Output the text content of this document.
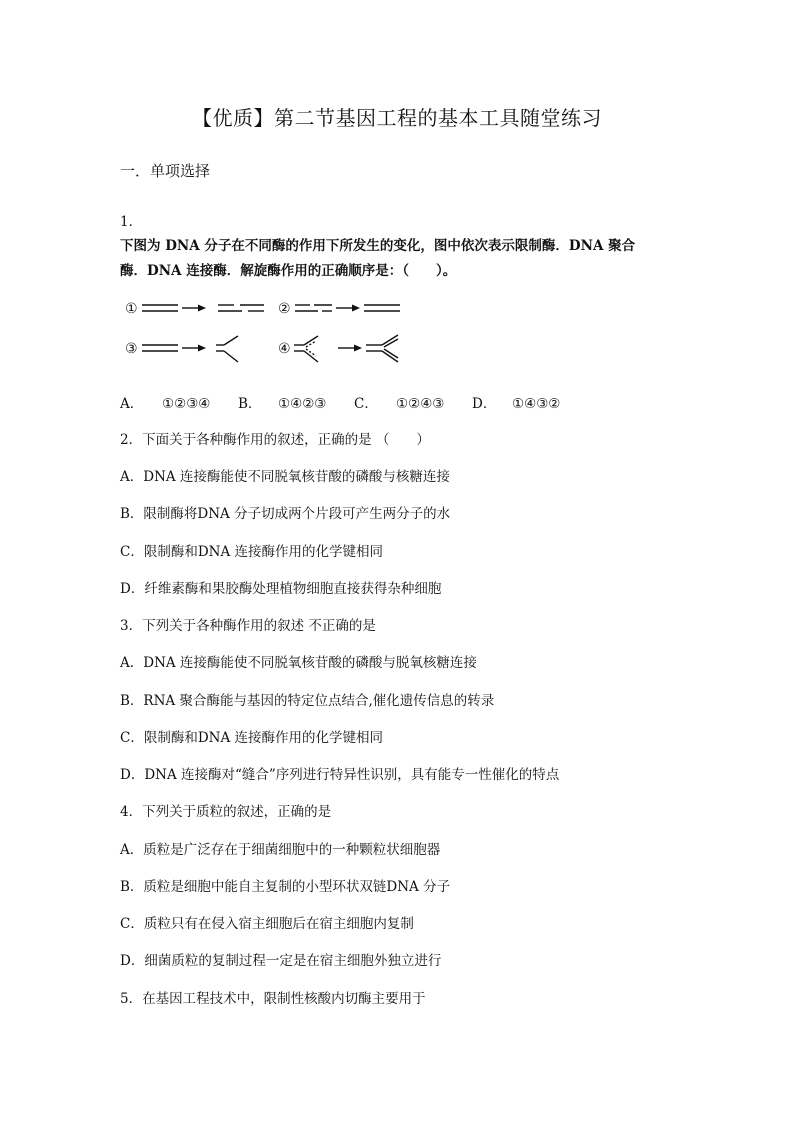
【优质】第二节基因工程的基本工具随堂练习
一．单项选择
1．
下图为 DNA 分子在不同酶的作用下所发生的变化，图中依次表示限制酶．DNA 聚合
酶．DNA 连接酶．解旋酶作用的正确顺序是：（　　）。
①	②
③	④
A． ①②③④ B． ①④②③ C． ①②④③ D． ①④③②
2．下面关于各种酶作用的叙述，正确的是 （　　）
A．DNA 连接酶能使不同脱氧核苷酸的磷酸与核糖连接
B．限制酶将DNA 分子切成两个片段可产生两分子的水
C．限制酶和DNA 连接酶作用的化学键相同
D．纤维素酶和果胶酶处理植物细胞直接获得杂种细胞
3．下列关于各种酶作用的叙述 不正确的是
A．DNA 连接酶能使不同脱氧核苷酸的磷酸与脱氧核糖连接
B．RNA 聚合酶能与基因的特定位点结合,催化遗传信息的转录
C．限制酶和DNA 连接酶作用的化学键相同
D．DNA 连接酶对“缝合”序列进行特异性识别，具有能专一性催化的特点
4．下列关于质粒的叙述，正确的是
A．质粒是广泛存在于细菌细胞中的一种颗粒状细胞器
B．质粒是细胞中能自主复制的小型环状双链DNA 分子
C．质粒只有在侵入宿主细胞后在宿主细胞内复制
D．细菌质粒的复制过程一定是在宿主细胞外独立进行
5．在基因工程技术中，限制性核酸内切酶主要用于
